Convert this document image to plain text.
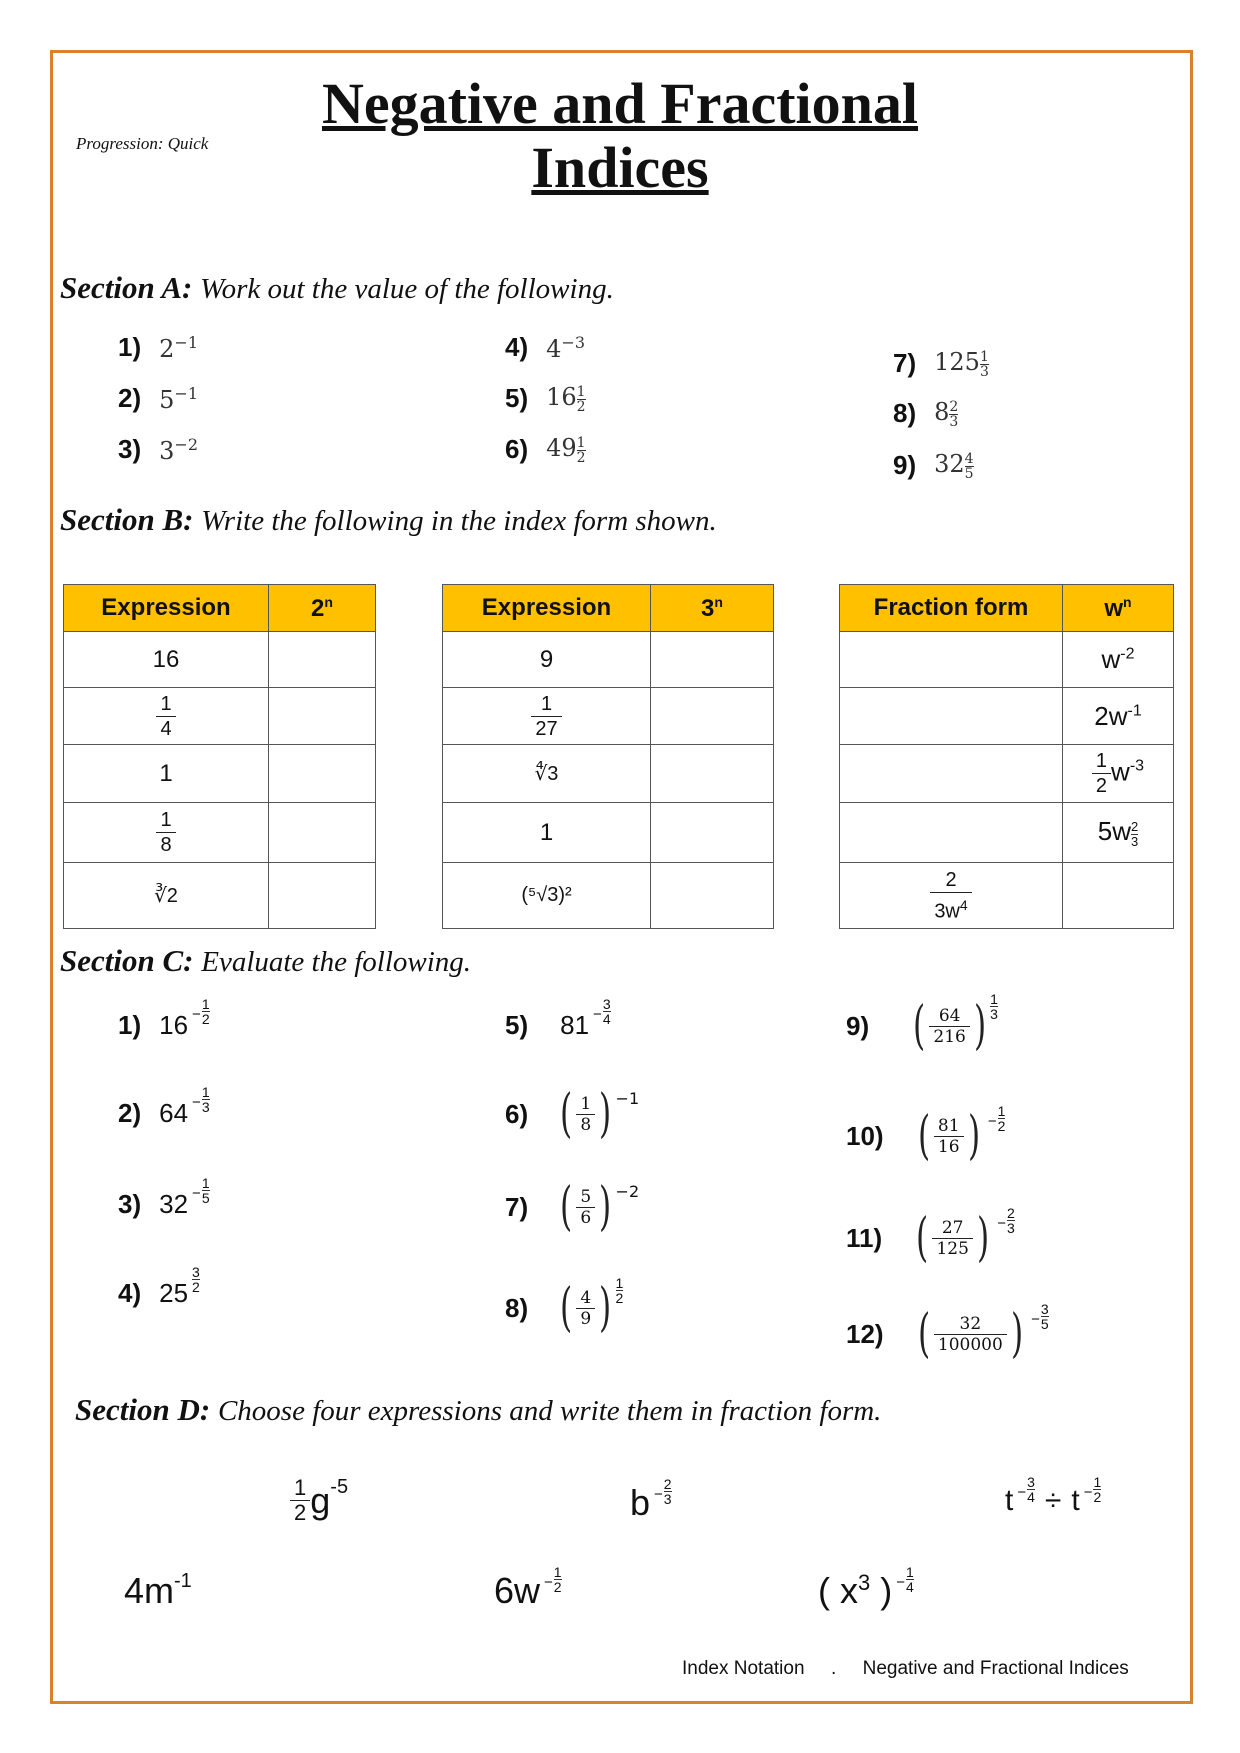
Negative and Fractional
Indices
Progression: Quick
Section A: Work out the value of the following.
1) $2^{-1}$
2) $5^{-1}$
3) $3^{-2}$
4) $4^{-3}$
5) $16 \frac{1}{2}$
6) $49 \frac{1}{2}$
7) $125 \frac{1}{3}$
8) $8 \frac{2}{3}$
9) $32 \frac{4}{5}$
Section B: Write the following in the index form shown.
Expression	2$^n$
16	

$\frac{1}{4}$

1	

$\frac{1}{8}$

∛2	
Expression	3$^n$
9	

$\frac{1}{27}$

∜3	
1	
(⁵√3)²	
Fraction form	$w^n$
	$w^{-2}$
	$2w^{-1}$

	$\frac{1}{2} w^{-3}$
	$5w \frac{2}{3}$

$\frac{2}{3w^4}$

Section C: Evaluate the following.
1) $16 - \frac{1}{2}$
2) $64 - \frac{1}{3}$
3) $32 - \frac{1}{5}$
4) 25
3
2
5) $81 - \frac{3}{4}$
6) ( $\frac{1}{8}$ ) −1
7) ( $\frac{5}{6}$ ) −2
8) ( $\frac{4}{9}$ ) 1
2
9) ( $\frac{64}{216}$ ) 1
3
10) ( $\frac{81}{16}$ ) − $\frac{1}{2}$
11) ( $\frac{27}{125}$ ) − $\frac{2}{3}$
12) ( $\frac{32}{100000}$ ) − $\frac{3}{5}$
Section D: Choose four expressions and write them in fraction form.
$\frac{1}{2} g^{-5}$	$b - \frac{2}{3}$	$t - \frac{3}{4} \div t - \frac{1}{2}$
$4m^{-1}$	$6w - \frac{1}{2}$	( $x^3$ ) − $\frac{1}{4}$
Index Notation . Negative and Fractional Indices
